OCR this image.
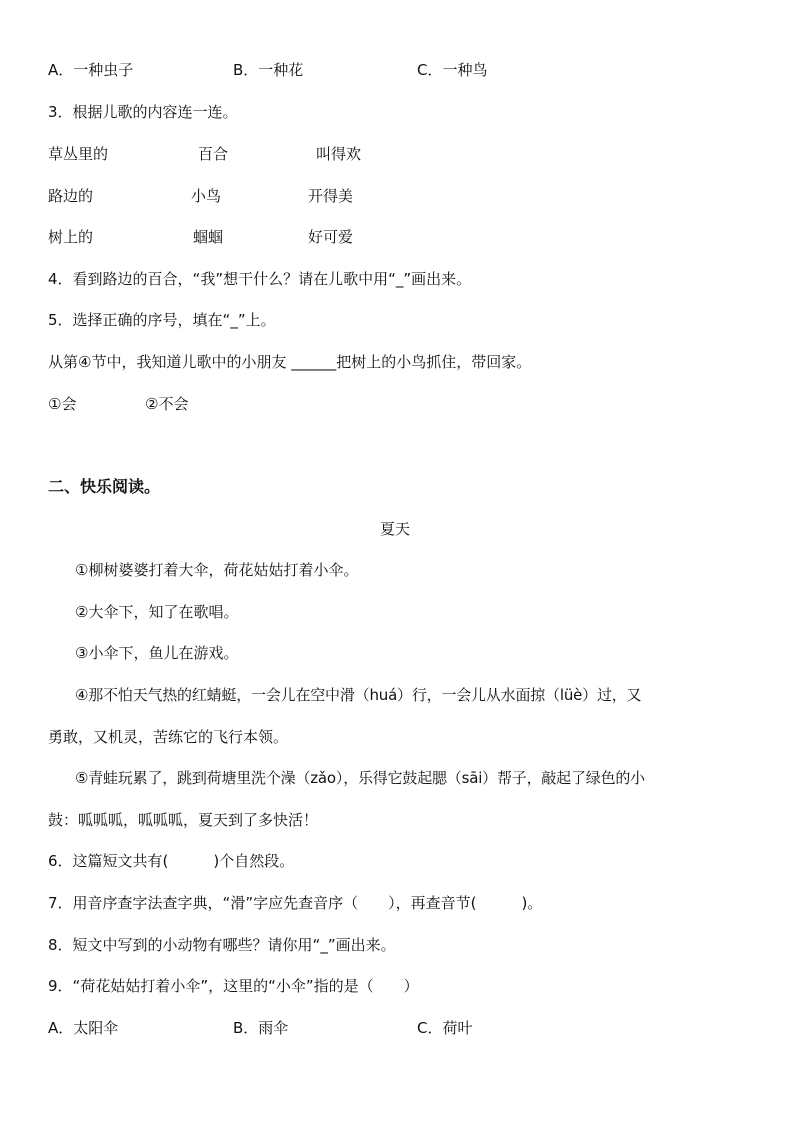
A．一种虫子	B．一种花	C．一种鸟
3．根据儿歌的内容连一连。
草丛里的	百合	叫得欢
路边的	小鸟	开得美
树上的	蝈蝈	好可爱
4．看到路边的百合，“我”想干什么？请在儿歌中用“_”画出来。
5．选择正确的序号，填在“_”上。
从第④节中，我知道儿歌中的小朋友 ______把树上的小鸟抓住，带回家。
①会	②不会
二、快乐阅读。
夏天
①柳树婆婆打着大伞，荷花姑姑打着小伞。
②大伞下，知了在歌唱。
③小伞下，鱼儿在游戏。
④那不怕天气热的红蜻蜓，一会儿在空中滑（huá）行，一会儿从水面掠（lüè）过，又
勇敢，又机灵，苦练它的飞行本领。
⑤青蛙玩累了，跳到荷塘里洗个澡（zǎo），乐得它鼓起腮（sāi）帮子，敲起了绿色的小
鼓：呱呱呱，呱呱呱，夏天到了多快活！
6．这篇短文共有(　　　)个自然段。
7．用音序查字法查字典，“滑”字应先查音序（　　），再查音节(　　　)。
8．短文中写到的小动物有哪些？请你用“_”画出来。
9．“荷花姑姑打着小伞”，这里的“小伞”指的是（　　）
A．太阳伞	B．雨伞	C．荷叶
